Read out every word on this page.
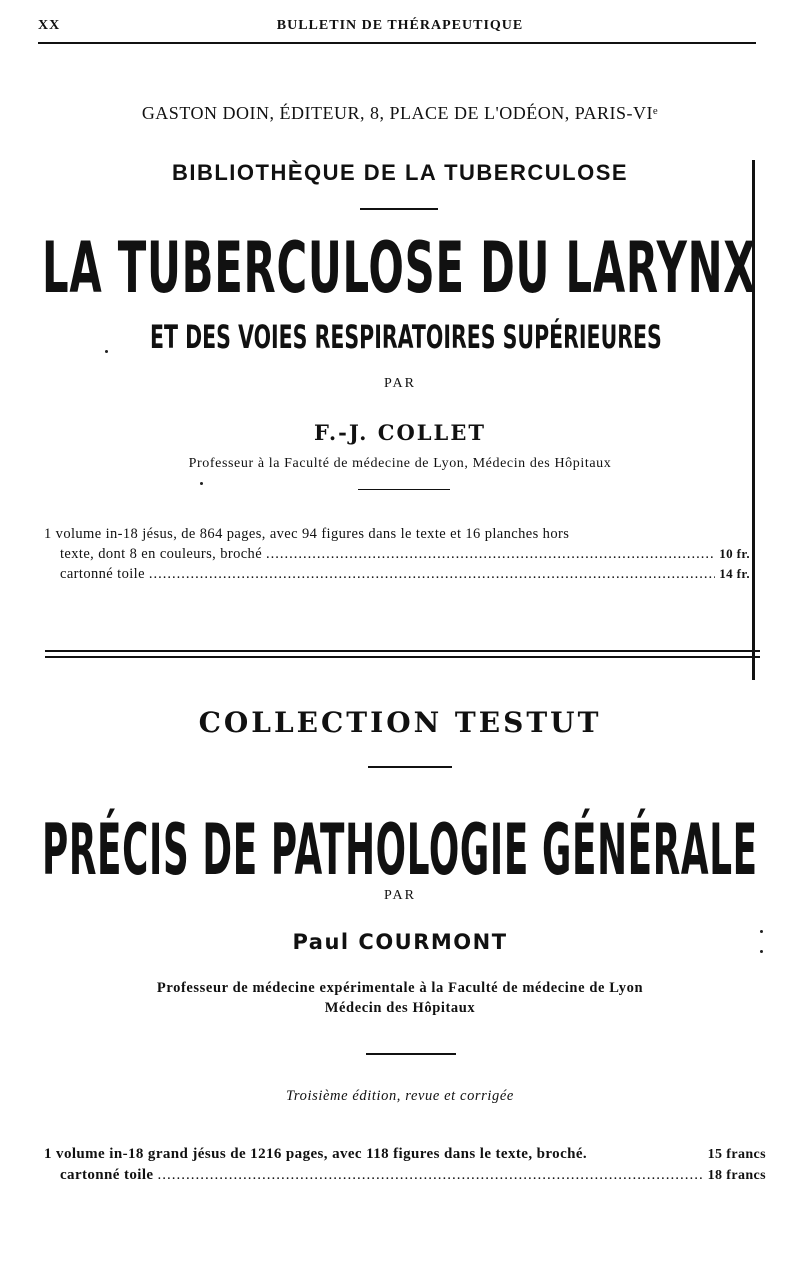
XX	BULLETIN DE THÉRAPEUTIQUE
GASTON DOIN, ÉDITEUR, 8, PLACE DE L'ODÉON, PARIS-VIᵉ
BIBLIOTHÈQUE DE LA TUBERCULOSE
LA TUBERCULOSE DU LARYNX
ET DES VOIES RESPIRATOIRES SUPÉRIEURES
PAR
F.-J. COLLET
Professeur à la Faculté de médecine de Lyon, Médecin des Hôpitaux
1 volume in-18 jésus, de 864 pages, avec 94 figures dans le texte et 16 planches hors
texte, dont 8 en couleurs, broché .....	10 fr.
cartonné toile .....	14 fr.
COLLECTION TESTUT
PRÉCIS DE PATHOLOGIE GÉNÉRALE
PAR
Paul COURMONT
Professeur de médecine expérimentale à la Faculté de médecine de Lyon
Médecin des Hôpitaux
Troisième édition, revue et corrigée
1 volume in-18 grand jésus de 1216 pages, avec 118 figures dans le texte, broché.	15 francs
cartonné toile .....	18 francs
